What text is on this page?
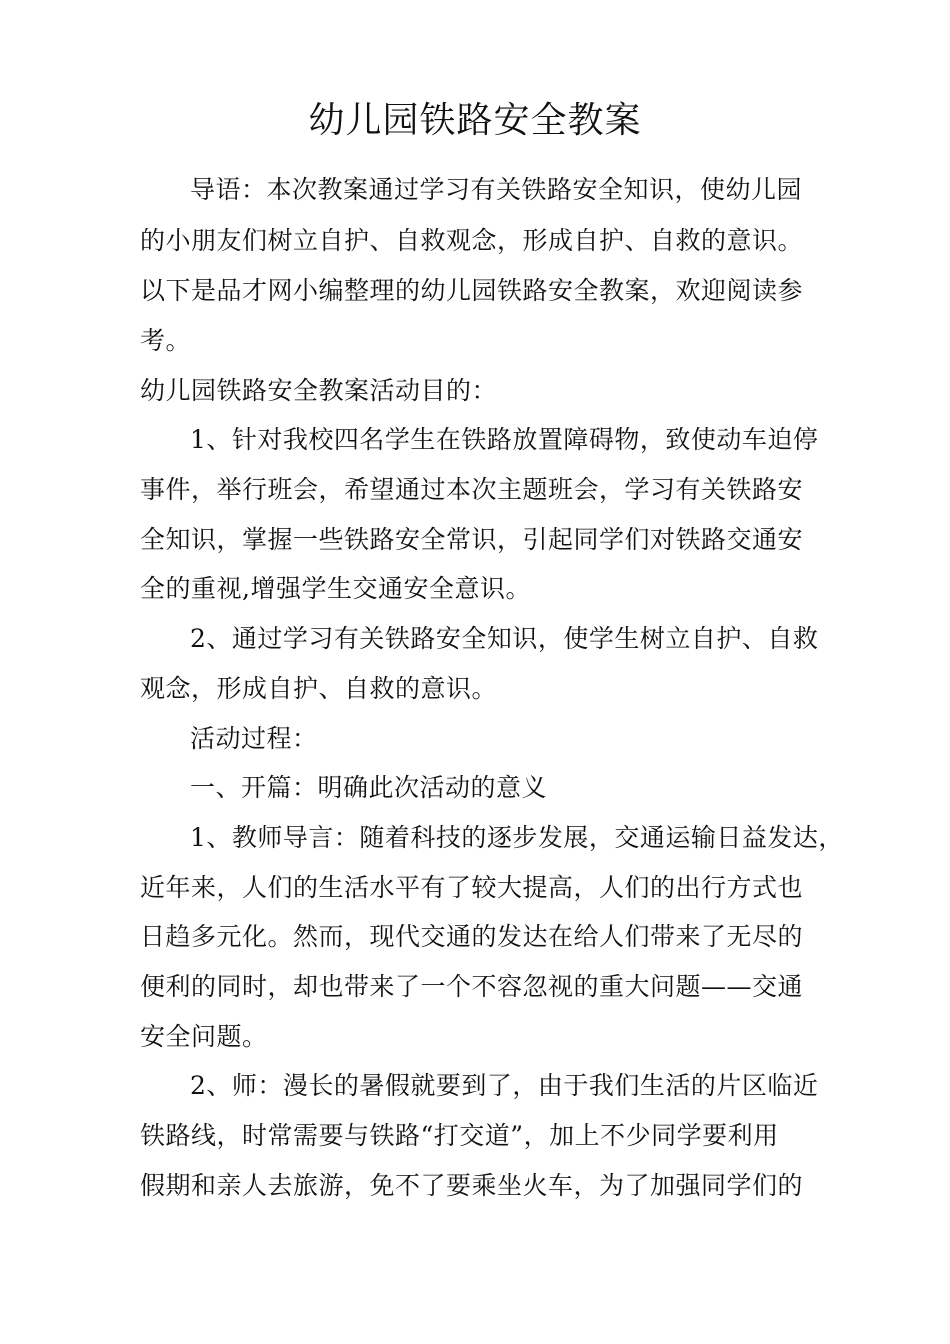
幼儿园铁路安全教案
导语：本次教案通过学习有关铁路安全知识，使幼儿园
的小朋友们树立自护、自救观念，形成自护、自救的意识。
以下是品才网小编整理的幼儿园铁路安全教案，欢迎阅读参
考。
幼儿园铁路安全教案活动目的：
1、针对我校四名学生在铁路放置障碍物，致使动车迫停
事件，举行班会，希望通过本次主题班会，学习有关铁路安
全知识，掌握一些铁路安全常识，引起同学们对铁路交通安
全的重视,增强学生交通安全意识。
2、通过学习有关铁路安全知识，使学生树立自护、自救
观念，形成自护、自救的意识。
活动过程：
一、开篇：明确此次活动的意义
1、教师导言：随着科技的逐步发展，交通运输日益发达，
近年来，人们的生活水平有了较大提高，人们的出行方式也
日趋多元化。然而，现代交通的发达在给人们带来了无尽的
便利的同时，却也带来了一个不容忽视的重大问题——交通
安全问题。
2、师：漫长的暑假就要到了，由于我们生活的片区临近
铁路线，时常需要与铁路“打交道”，加上不少同学要利用
假期和亲人去旅游，免不了要乘坐火车，为了加强同学们的
